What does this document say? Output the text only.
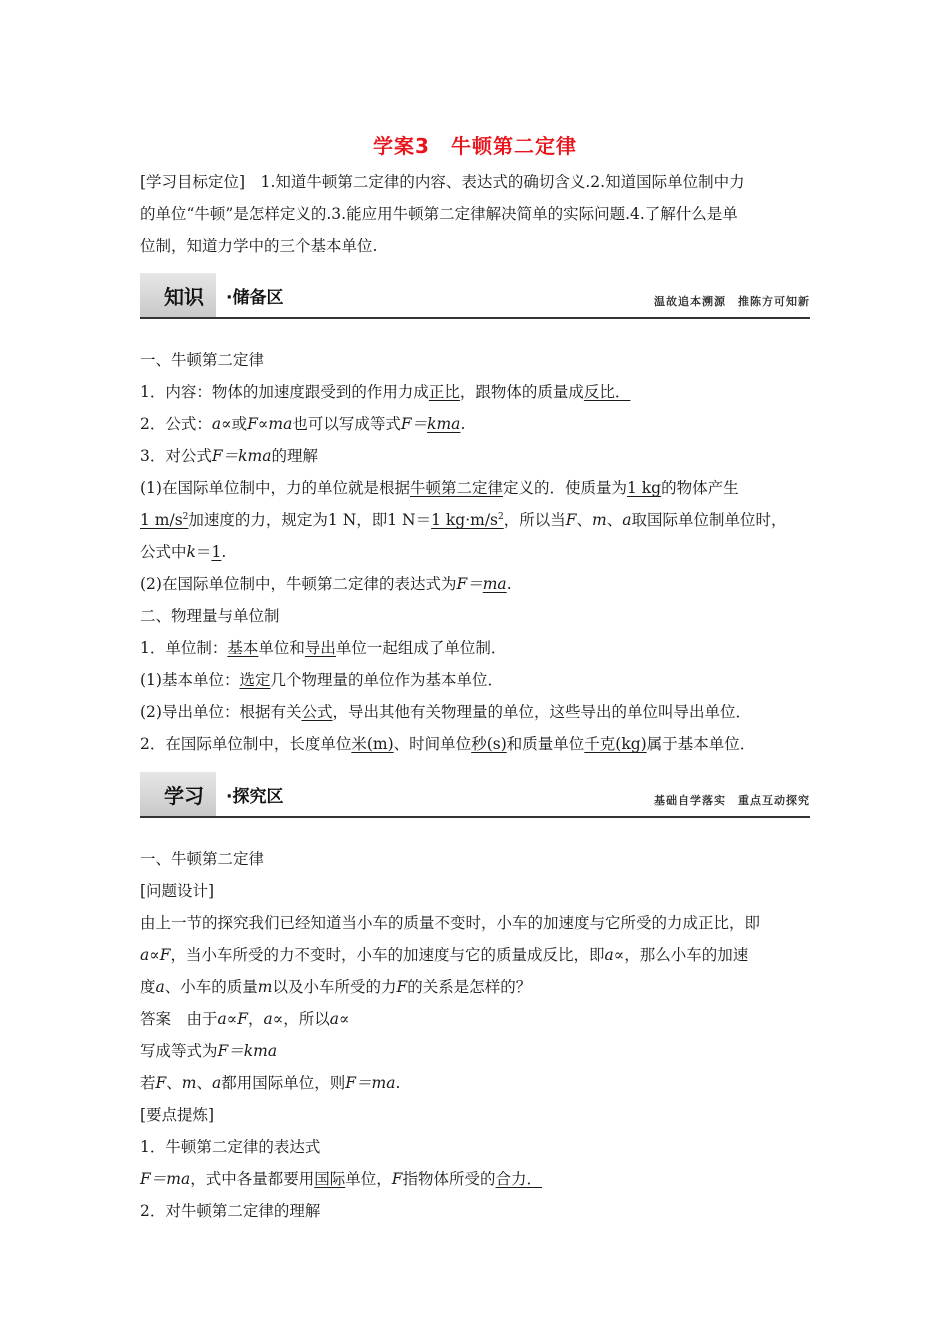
学案3　牛顿第二定律
[学习目标定位]　1.知道牛顿第二定律的内容、表达式的确切含义.2.知道国际单位制中力
的单位“牛顿”是怎样定义的.3.能应用牛顿第二定律解决简单的实际问题.4.了解什么是单
位制，知道力学中的三个基本单位.
知识 ·储备区	温故追本溯源　推陈方可知新
一、牛顿第二定律
1．内容：物体的加速度跟受到的作用力成正比，跟物体的质量成反比．
2．公式：a∝或F∝ma也可以写成等式F＝kma.
3．对公式F＝kma的理解
(1)在国际单位制中，力的单位就是根据牛顿第二定律定义的．使质量为1 kg的物体产生
1 $m/s^2$加速度的力，规定为1 N，即1 N＝1 $kg\cdot m/s^2$，所以当F、m、a取国际单位制单位时，
公式中k＝1.
(2)在国际单位制中，牛顿第二定律的表达式为F＝ma.
二、物理量与单位制
1．单位制：基本单位和导出单位一起组成了单位制．
(1)基本单位：选定几个物理量的单位作为基本单位．
(2)导出单位：根据有关公式，导出其他有关物理量的单位，这些导出的单位叫导出单位．
2．在国际单位制中，长度单位米(m)、时间单位秒(s)和质量单位千克(kg)属于基本单位．
学习 ·探究区	基础自学落实　重点互动探究
一、牛顿第二定律
[问题设计]
由上一节的探究我们已经知道当小车的质量不变时，小车的加速度与它所受的力成正比，即
a∝F，当小车所受的力不变时，小车的加速度与它的质量成反比，即a∝，那么小车的加速
度a、小车的质量m以及小车所受的力F的关系是怎样的？
答案　由于a∝F，a∝，所以a∝
写成等式为F＝kma
若F、m、a都用国际单位，则F＝ma.
[要点提炼]
1．牛顿第二定律的表达式
F＝ma，式中各量都要用国际单位，F指物体所受的合力．
2．对牛顿第二定律的理解
